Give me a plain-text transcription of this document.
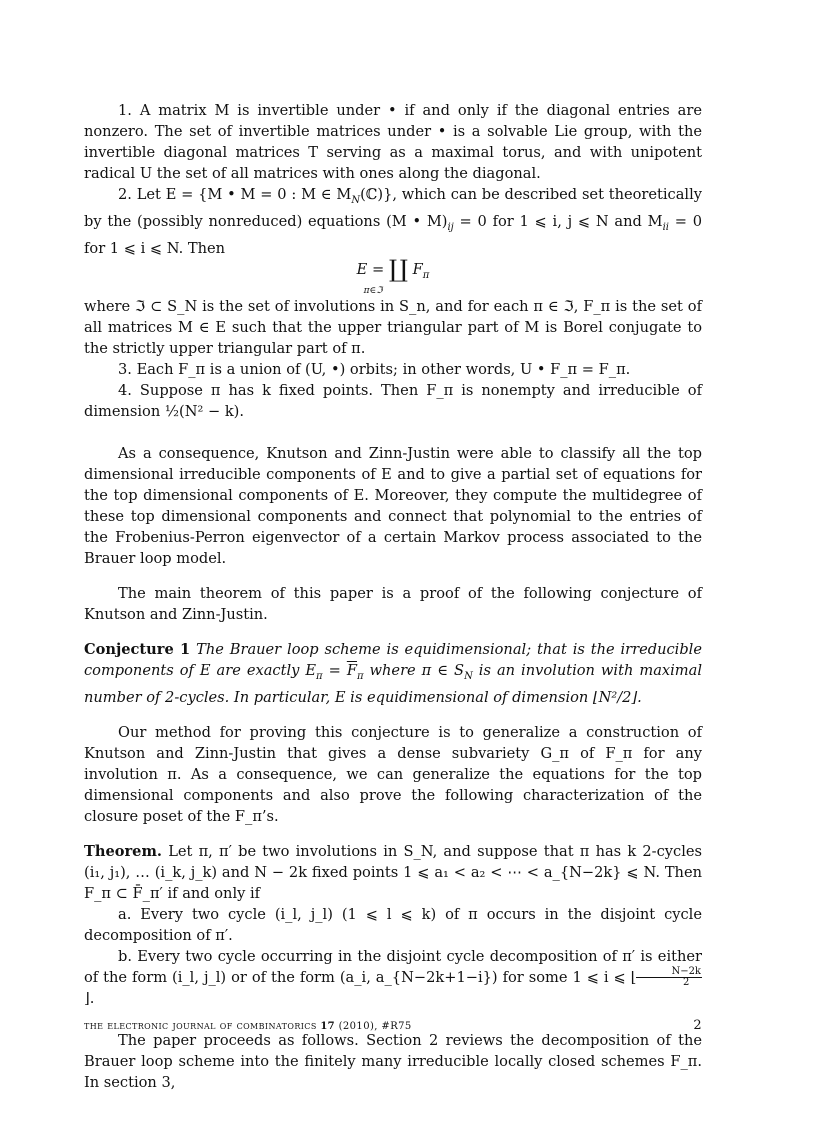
1. A matrix M is invertible under • if and only if the diagonal entries are nonzero. The set of invertible matrices under • is a solvable Lie group, with the invertible diagonal matrices T serving as a maximal torus, and with unipotent radical U the set of all matrices with ones along the diagonal.

2. Let E = {M • M = 0 : M ∈ $M_N(ℂ)$}, which can be described set theoretically by the (possibly nonreduced) equations (M • $M)_{ij} = 0$ for 1 ⩽ i, j ⩽ N and $M_{ii} = 0$ for 1 ⩽ i ⩽ N. Then

E = ∐ $F_\pi$
π∈ℑ

where ℑ ⊂ S_N is the set of involutions in S_n, and for each π ∈ ℑ, F_π is the set of all matrices M ∈ E such that the upper triangular part of M is Borel conjugate to the strictly upper triangular part of π.

3. Each F_π is a union of (U, •) orbits; in other words, U • F_π = F_π.

4. Suppose π has k fixed points. Then F_π is nonempty and irreducible of dimension ½(N² − k).

As a consequence, Knutson and Zinn-Justin were able to classify all the top dimensional irreducible components of E and to give a partial set of equations for the top dimensional components of E. Moreover, they compute the multidegree of these top dimensional components and connect that polynomial to the entries of the Frobenius-Perron eigenvector of a certain Markov process associated to the Brauer loop model.

The main theorem of this paper is a proof of the following conjecture of Knutson and Zinn-Justin.

Conjecture 1 The Brauer loop scheme is equidimensional; that is the irreducible components of E are exactly $E_\pi = \overline{F}_\pi$ where π ∈ $S_N$ is an involution with maximal number of 2-cycles. In particular, E is equidimensional of dimension ⌊N²/2⌋.

Our method for proving this conjecture is to generalize a construction of Knutson and Zinn-Justin that gives a dense subvariety G_π of F_π for any involution π. As a consequence, we can generalize the equations for the top dimensional components and also prove the following characterization of the closure poset of the F_π’s.

Theorem. Let π, π′ be two involutions in S_N, and suppose that π has k 2-cycles (i₁, j₁), … (i_k, j_k) and N − 2k fixed points 1 ⩽ a₁ < a₂ < ⋯ < a_{N−2k} ⩽ N. Then F_π ⊂ F̄_π′ if and only if

a. Every two cycle (i_l, j_l) (1 ⩽ l ⩽ k) of π occurs in the disjoint cycle decomposition of π′.

b. Every two cycle occurring in the disjoint cycle decomposition of π′ is either of the form (i_l, j_l) or of the form (a_i, a_{N−2k+1−i}) for some 1 ⩽ i ⩽ ⌊ $\frac{N-2k}{2}$
⌋.

The paper proceeds as follows. Section 2 reviews the decomposition of the Brauer loop scheme into the finitely many irreducible locally closed schemes F_π. In section 3,

the electronic journal of combinatorics 17 (2010), #R75	2
